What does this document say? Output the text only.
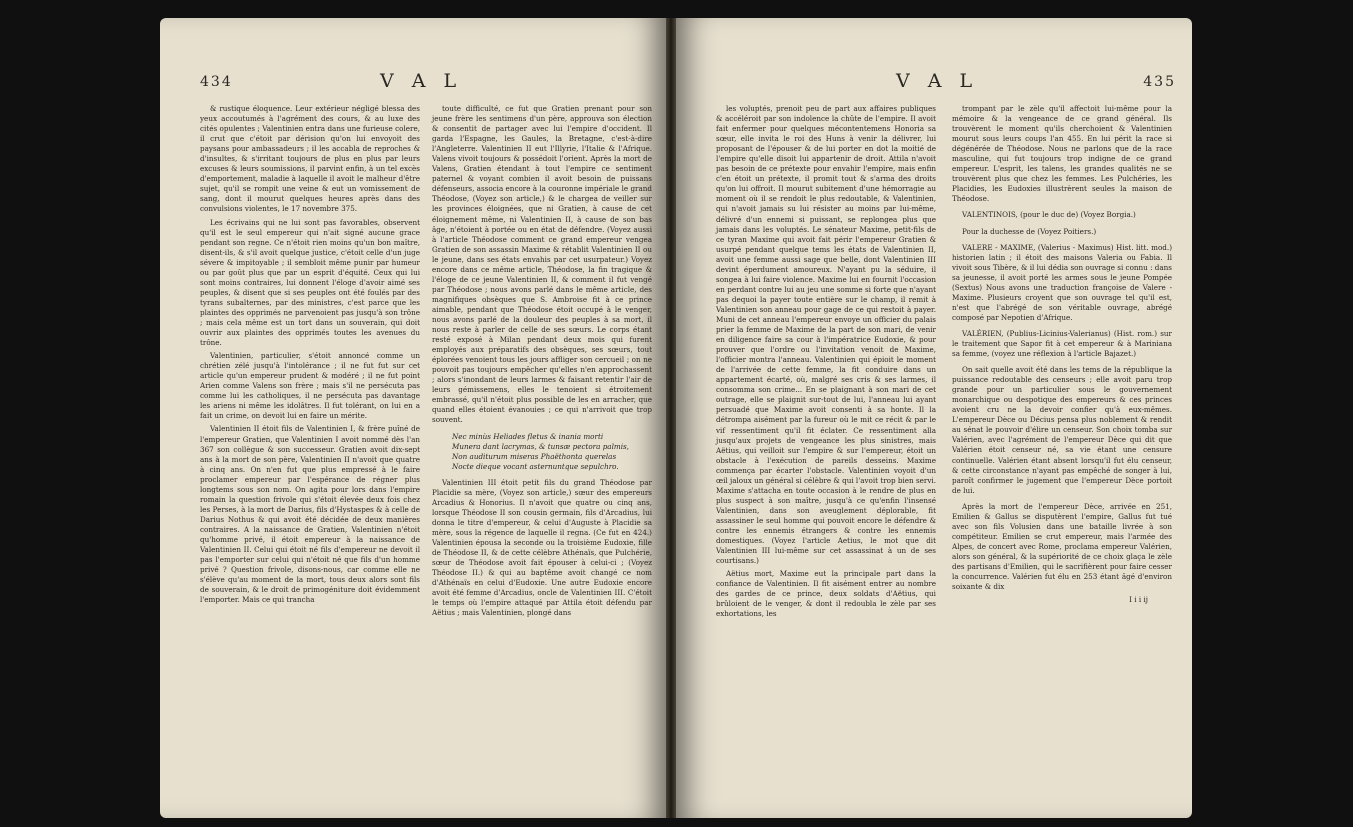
434	V A L

& rustique éloquence. Leur extérieur négligé blessa des yeux accoutumés à l'agrément des cours, & au luxe des cités opulentes ; Valentinien entra dans une furieuse colere, il crut que c'étoit par dérision qu'on lui envoyoit des paysans pour ambassadeurs ; il les accabla de reproches & d'insultes, & s'irritant toujours de plus en plus par leurs excuses & leurs soumissions, il parvint enfin, à un tel excès d'emportement, maladie à laquelle il avoit le malheur d'être sujet, qu'il se rompit une veine & eut un vomissement de sang, dont il mourut quelques heures après dans des convulsions violentes, le 17 novembre 375.

Les écrivains qui ne lui sont pas favorables, observent qu'il est le seul empereur qui n'ait signé aucune grace pendant son regne. Ce n'étoit rien moins qu'un bon maître, disent-ils, & s'il avoit quelque justice, c'étoit celle d'un juge sévere & impitoyable ; il sembloit même punir par humeur ou par goût plus que par un esprit d'équité. Ceux qui lui sont moins contraires, lui donnent l'éloge d'avoir aimé ses peuples, & disent que si ses peuples ont été foulés par des tyrans subalternes, par des ministres, c'est parce que les plaintes des opprimés ne parvenoient pas jusqu'à son trône ; mais cela même est un tort dans un souverain, qui doit ouvrir aux plaintes des opprimés toutes les avenues du trône.

Valentinien, particulier, s'étoit annoncé comme un chrétien zélé jusqu'à l'intolérance ; il ne fut fut sur cet article qu'un empereur prudent & modéré ; il ne fut point Arien comme Valens son frère ; mais s'il ne persécuta pas comme lui les catholiques, il ne persécuta pas davantage les ariens ni même les idolâtres. Il fut tolérant, on lui en a fait un crime, on devoit lui en faire un mérite.

Valentinien II étoit fils de Valentinien I, & frère puîné de l'empereur Gratien, que Valentinien I avoit nommé dès l'an 367 son collègue & son successeur. Gratien avoit dix-sept ans à la mort de son père, Valentinien II n'avoit que quatre à cinq ans. On n'en fut que plus empressé à le faire proclamer empereur par l'espérance de régner plus longtems sous son nom. On agita pour lors dans l'empire romain la question frivole qui s'étoit élevée deux fois chez les Perses, à la mort de Darius, fils d'Hystaspes & à celle de Darius Nothus & qui avoit été décidée de deux manières contraires. A la naissance de Gratien, Valentinien n'étoit qu'homme privé, il étoit empereur à la naissance de Valentinien II. Celui qui étoit né fils d'empereur ne devoit il pas l'emporter sur celui qui n'étoit né que fils d'un homme privé ? Question frivole, disons-nous, car comme elle ne s'élève qu'au moment de la mort, tous deux alors sont fils de souverain, & le droit de primogéniture doit évidemment l'emporter. Mais ce qui trancha

toute difficulté, ce fut que Gratien prenant pour son jeune frère les sentimens d'un père, approuva son élection & consentit de partager avec lui l'empire d'occident. Il garda l'Espagne, les Gaules, la Bretagne, c'est-à-dire l'Angleterre. Valentinien II eut l'Illyrie, l'Italie & l'Afrique. Valens vivoit toujours & possédoit l'orient. Après la mort de Valens, Gratien étendant à tout l'empire ce sentiment paternel & voyant combien il avoit besoin de puissans défenseurs, associa encore à la couronne impériale le grand Théodose, (Voyez son article,) & le chargea de veiller sur les provinces éloignées, que ni Gratien, à cause de cet éloignement même, ni Valentinien II, à cause de son bas âge, n'étoient à portée ou en état de défendre. (Voyez aussi à l'article Théodose comment ce grand empereur vengea Gratien de son assassin Maxime & rétablit Valentinien II ou le jeune, dans ses états envahis par cet usurpateur.) Voyez encore dans ce même article, Théodose, la fin tragique & l'éloge de ce jeune Valentinien II, & comment il fut vengé par Théodose ; nous avons parlé dans le même article, des magnifiques obsèques que S. Ambroise fit à ce prince aimable, pendant que Théodose étoit occupé à le venger, nous avons parlé de la douleur des peuples à sa mort, il nous reste à parler de celle de ses sœurs. Le corps étant resté exposé à Milan pendant deux mois qui furent employés aux préparatifs des obsèques, ses sœurs, tout éplorées venoient tous les jours affliger son cercueil ; on ne pouvoit pas toujours empêcher qu'elles n'en approchassent ; alors s'inondant de leurs larmes & faisant retentir l'air de leurs gémissemens, elles le tenoient si étroitement embrassé, qu'il n'étoit plus possible de les en arracher, que quand elles étoient évanouies ; ce qui n'arrivoit que trop souvent.

Nec minùs Heliades fletus & inania morti
Munera dant lacrymas, & tunsæ pectora palmis,
Non auditurum miseras Phaëthonta querelas
Nocte dieque vocant asternuntque sepulchro.

Valentinien III étoit petit fils du grand Théodose par Placidie sa mère, (Voyez son article,) sœur des empereurs Arcadius & Honorius. Il n'avoit que quatre ou cinq ans, lorsque Théodose II son cousin germain, fils d'Arcadius, lui donna le titre d'empereur, & celui d'Auguste à Placidie sa mère, sous la régence de laquelle il regna. (Ce fut en 424.) Valentinien épousa la seconde ou la troisième Eudoxie, fille de Théodose II, & de cette célèbre Athénaïs, que Pulchérie, sœur de Théodose avoit fait épouser à celui-ci ; (Voyez Théodose II.) & qui au baptême avoit changé ce nom d'Athénaïs en celui d'Eudoxie. Une autre Eudoxie encore avoit été femme d'Arcadius, oncle de Valentinien III. C'étoit le temps où l'empire attaqué par Attila étoit défendu par Aëtius ; mais Valentinien, plongé dans

V A L	435

les voluptés, prenoit peu de part aux affaires publiques & accéléroit par son indolence la chûte de l'empire. Il avoit fait enfermer pour quelques mécontentemens Honoria sa sœur, elle invita le roi des Huns à venir la délivrer, lui proposant de l'épouser & de lui porter en dot la moitié de l'empire qu'elle disoit lui appartenir de droit. Attila n'avoit pas besoin de ce prétexte pour envahir l'empire, mais enfin c'en étoit un prétexte, il promit tout & s'arma des droits qu'on lui offroit. Il mourut subitement d'une hémorragie au moment où il se rendoit le plus redoutable, & Valentinien, qui n'avoit jamais su lui résister au moins par lui-même, délivré d'un ennemi si puissant, se replongea plus que jamais dans les voluptés. Le sénateur Maxime, petit-fils de ce tyran Maxime qui avoit fait périr l'empereur Gratien & usurpé pendant quelque tems les états de Valentinien II, avoit une femme aussi sage que belle, dont Valentinien III devint éperdument amoureux. N'ayant pu la séduire, il songea à lui faire violence. Maxime lui en fournit l'occasion en perdant contre lui au jeu une somme si forte que n'ayant pas dequoi la payer toute entière sur le champ, il remit à Valentinien son anneau pour gage de ce qui restoit à payer. Muni de cet anneau l'empereur envoye un officier du palais prier la femme de Maxime de la part de son mari, de venir en diligence faire sa cour à l'impératrice Eudoxie, & pour prouver que l'ordre ou l'invitation venoit de Maxime, l'officier montra l'anneau. Valentinien qui épioit le moment de l'arrivée de cette femme, la fit conduire dans un appartement écarté, où, malgré ses cris & ses larmes, il consomma son crime... En se plaignant à son mari de cet outrage, elle se plaignit sur-tout de lui, l'anneau lui ayant persuadé que Maxime avoit consenti à sa honte. Il la détrompa aisément par la fureur où le mit ce récit & par le vif ressentiment qu'il fit éclater. Ce ressentiment alla jusqu'aux projets de vengeance les plus sinistres, mais Aëtius, qui veilloit sur l'empire & sur l'empereur, étoit un obstacle à l'exécution de pareils desseins. Maxime commença par écarter l'obstacle. Valentinien voyoit d'un œil jaloux un général si célèbre & qui l'avoit trop bien servi. Maxime s'attacha en toute occasion à le rendre de plus en plus suspect à son maître, jusqu'à ce qu'enfin l'insensé Valentinien, dans son aveuglement déplorable, fit assassiner le seul homme qui pouvoit encore le défendre & contre les ennemis étrangers & contre les ennemis domestiques. (Voyez l'article Aetius, le mot que dit Valentinien III lui-même sur cet assassinat à un de ses courtisans.)

Aëtius mort, Maxime eut la principale part dans la confiance de Valentinien. Il fit aisément entrer au nombre des gardes de ce prince, deux soldats d'Aëtius, qui brûloient de le venger, & dont il redoubla le zèle par ses exhortations, les

trompant par le zèle qu'il affectoit lui-même pour la mémoire & la vengeance de ce grand général. Ils trouvèrent le moment qu'ils cherchoient & Valentinien mourut sous leurs coups l'an 455. En lui périt la race si dégénérée de Théodose. Nous ne parlons que de la race masculine, qui fut toujours trop indigne de ce grand empereur. L'esprit, les talens, les grandes qualités ne se trouvèrent plus que chez les femmes. Les Pulchéries, les Placidies, les Eudoxies illustrèrent seules la maison de Théodose.

VALENTINOIS, (pour le duc de) (Voyez Borgia.)

Pour la duchesse de (Voyez Poitiers.)

VALERE - MAXIME, (Valerius - Maximus) Hist. litt. mod.) historien latin ; il étoit des maisons Valeria ou Fabia. Il vivoit sous Tibère, & il lui dédia son ouvrage si connu : dans sa jeunesse, il avoit porté les armes sous le jeune Pompée (Sextus) Nous avons une traduction françoise de Valere - Maxime. Plusieurs croyent que son ouvrage tel qu'il est, n'est que l'abrégé de son véritable ouvrage, abrégé composé par Nepotien d'Afrique.

VALÉRIEN, (Publius-Licinius-Valerianus) (Hist. rom.) sur le traitement que Sapor fit à cet empereur & à Mariniana sa femme, (voyez une réflexion à l'article Bajazet.)

On sait quelle avoit été dans les tems de la république la puissance redoutable des censeurs ; elle avoit paru trop grande pour un particulier sous le gouvernement monarchique ou despotique des empereurs & ces princes avoient cru ne la devoir confier qu'à eux-mêmes. L'empereur Dèce ou Décius pensa plus noblement & rendit au sénat le pouvoir d'élire un censeur. Son choix tomba sur Valérien, avec l'agrément de l'empereur Dèce qui dit que Valérien étoit censeur né, sa vie étant une censure continuelle. Valérien étant absent lorsqu'il fut élu censeur, & cette circonstance n'ayant pas empêché de songer à lui, paroît confirmer le jugement que l'empereur Dèce portoit de lui.

Après la mort de l'empereur Dèce, arrivée en 251, Emilien & Gallus se disputèrent l'empire, Gallus fut tué avec son fils Volusien dans une bataille livrée à son compétiteur. Emilien se crut empereur, mais l'armée des Alpes, de concert avec Rome, proclama empereur Valérien, alors son général, & la supériorité de ce choix glaça le zèle des partisans d'Emilien, qui le sacrifièrent pour faire cesser la concurrence. Valérien fut élu en 253 étant âgé d'environ soixante & dix

I i i ij
